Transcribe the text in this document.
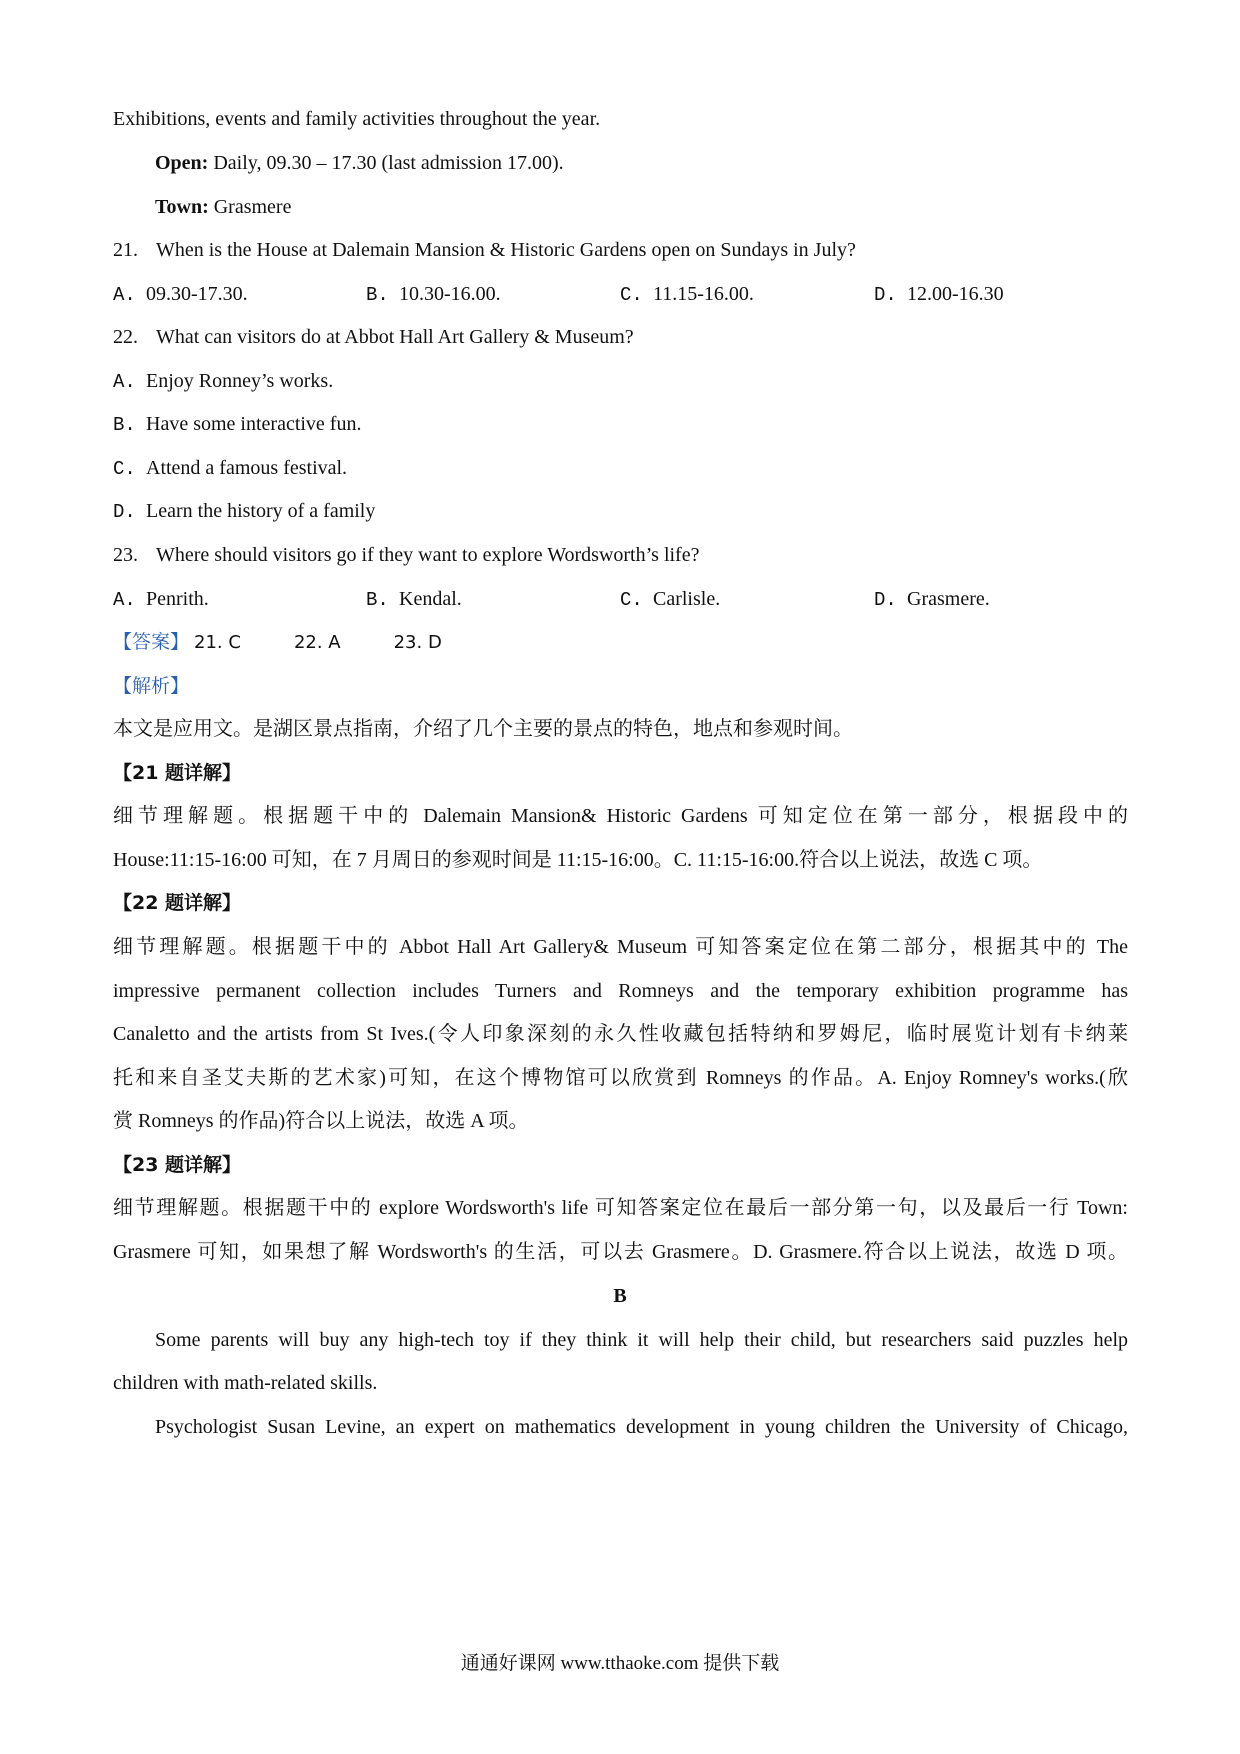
Exhibitions, events and family activities throughout the year.
Open: Daily, 09.30 – 17.30 (last admission 17.00).
Town: Grasmere
21. When is the House at Dalemain Mansion & Historic Gardens open on Sundays in July?
A. 09.30-17.30.	B. 10.30-16.00.	C. 11.15-16.00.	D. 12.00-16.30
22. What can visitors do at Abbot Hall Art Gallery & Museum?
A. Enjoy Ronney’s works.
B. Have some interactive fun.
C. Attend a famous festival.
D. Learn the history of a family
23. Where should visitors go if they want to explore Wordsworth’s life?
A. Penrith.	B. Kendal.	C. Carlisle.	D. Grasmere.
【答案】 21. C	22. A	23. D
【解析】
本文是应用文。是湖区景点指南，介绍了几个主要的景点的特色，地点和参观时间。
【21 题详解】
细节理解题。根据题干中的 Dalemain Mansion& Historic Gardens 可知定位在第一部分，根据段中的
House:11:15-16:00 可知，在 7 月周日的参观时间是 11:15-16:00。C. 11:15-16:00.符合以上说法，故选 C 项。
【22 题详解】
细节理解题。根据题干中的 Abbot Hall Art Gallery& Museum 可知答案定位在第二部分，根据其中的 The
impressive permanent collection includes Turners and Romneys and the temporary exhibition programme has
Canaletto and the artists from St Ives.(令人印象深刻的永久性收藏包括特纳和罗姆尼，临时展览计划有卡纳莱
托和来自圣艾夫斯的艺术家)可知，在这个博物馆可以欣赏到 Romneys 的作品。A. Enjoy Romney's works.(欣
赏 Romneys 的作品)符合以上说法，故选 A 项。
【23 题详解】
细节理解题。根据题干中的 explore Wordsworth's life 可知答案定位在最后一部分第一句，以及最后一行 Town:
Grasmere 可知，如果想了解 Wordsworth's 的生活，可以去 Grasmere。D. Grasmere.符合以上说法，故选 D 项。
B
Some parents will buy any high-tech toy if they think it will help their child, but researchers said puzzles help
children with math-related skills.
Psychologist Susan Levine, an expert on mathematics development in young children the University of Chicago,
通通好课网 www.tthaoke.com 提供下载
